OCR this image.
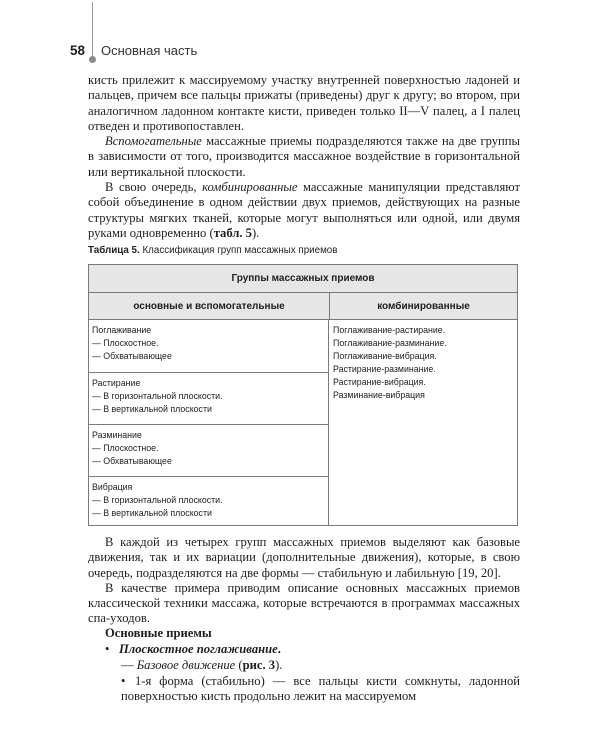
58 Основная часть

кисть прилежит к массируемому участку внутренней поверхностью ладоней и пальцев, причем все пальцы прижаты (приведены) друг к другу; во втором, при аналогичном ладонном контакте кисти, приведен только II—V палец, а I палец отведен и противопоставлен.

Вспомогательные массажные приемы подразделяются также на две группы в зависимости от того, производится массажное воздействие в горизонтальной или вертикальной плоскости.

В свою очередь, комбинированные массажные манипуляции представляют собой объединение в одном действии двух приемов, действующих на разные структуры мягких тканей, которые могут выполняться или одной, или двумя руками одновременно (табл. 5).

Таблица 5. Классификация групп массажных приемов
Группы массажных приемов
основные и вспомогательные	комбинированные
Поглаживание
— Плоскостное.
— Обхватывающее
Растирание
— В горизонтальной плоскости.
— В вертикальной плоскости
Разминание
— Плоскостное.
— Обхватывающее
Вибрация
— В горизонтальной плоскости.
— В вертикальной плоскости
Поглаживание-растирание.
Поглаживание-разминание.
Поглаживание-вибрация.
Растирание-разминание.
Растирание-вибрация.
Разминание-вибрация

В каждой из четырех групп массажных приемов выделяют как базовые движения, так и их вариации (дополнительные движения), которые, в свою очередь, подразделяются на две формы — стабильную и лабильную [19, 20].

В качестве примера приводим описание основных массажных приемов классической техники массажа, которые встречаются в программах массажных спа-уходов.

Основные приемы
• Плоскостное поглаживание.
— Базовое движение (рис. 3).
• 1-я форма (стабильно) — все пальцы кисти сомкнуты, ладонной поверхностью кисть продольно лежит на массируемом
